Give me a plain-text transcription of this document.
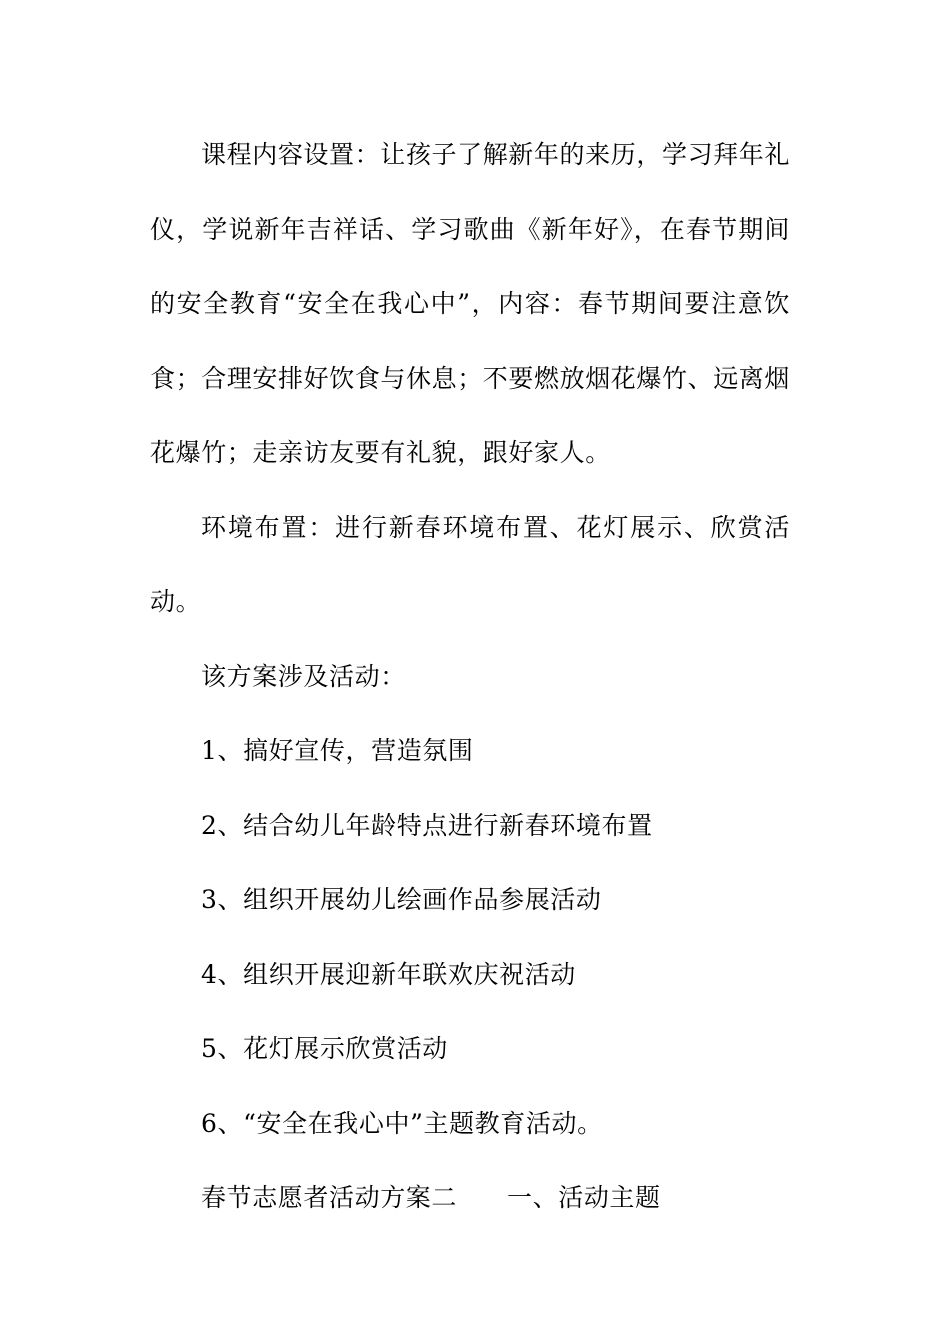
课程内容设置：让孩子了解新年的来历，学习拜年礼仪，学说新年吉祥话、学习歌曲《新年好》，在春节期间的安全教育“安全在我心中”，内容：春节期间要注意饮食；合理安排好饮食与休息；不要燃放烟花爆竹、远离烟花爆竹；走亲访友要有礼貌，跟好家人。

环境布置：进行新春环境布置、花灯展示、欣赏活动。

该方案涉及活动：

1、搞好宣传，营造氛围

2、结合幼儿年龄特点进行新春环境布置

3、组织开展幼儿绘画作品参展活动

4、组织开展迎新年联欢庆祝活动

5、花灯展示欣赏活动

6、“安全在我心中”主题教育活动。

春节志愿者活动方案二 一、活动主题
